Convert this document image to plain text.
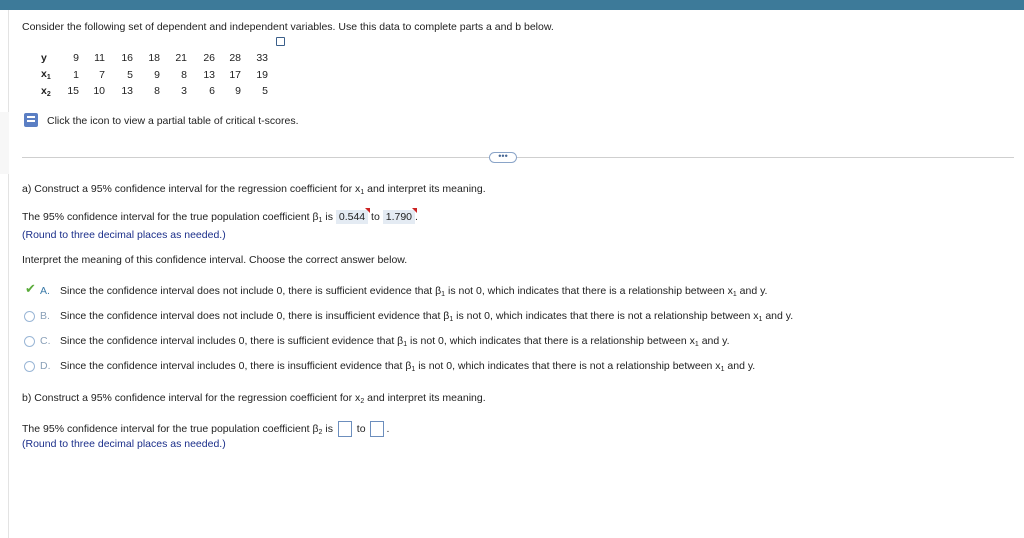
Consider the following set of dependent and independent variables. Use this data to complete parts a and b below.
y	9	11	16	18	21	26	28	33
$x_1$	1	7	5	9	8	13	17	19
$x_2$	15	10	13	8	3	6	9	5
Click the icon to view a partial table of critical t-scores.
•••
a) Construct a 95% confidence interval for the regression coefficient for $x_1$ and interpret its meaning.
The 95% confidence interval for the true population coefficient $\beta_1$ is 0.544 to 1.790 .
(Round to three decimal places as needed.)
Interpret the meaning of this confidence interval. Choose the correct answer below.
✔ A. Since the confidence interval does not include 0, there is sufficient evidence that $\beta_1$ is not 0, which indicates that there is a relationship between $x_1$ and y.
B. Since the confidence interval does not include 0, there is insufficient evidence that $\beta_1$ is not 0, which indicates that there is not a relationship between $x_1$ and y.
C. Since the confidence interval includes 0, there is sufficient evidence that $\beta_1$ is not 0, which indicates that there is a relationship between $x_1$ and y.
D. Since the confidence interval includes 0, there is insufficient evidence that $\beta_1$ is not 0, which indicates that there is not a relationship between $x_1$ and y.
b) Construct a 95% confidence interval for the regression coefficient for $x_2$ and interpret its meaning.
The 95% confidence interval for the true population coefficient $\beta_2$ is  to .
(Round to three decimal places as needed.)
